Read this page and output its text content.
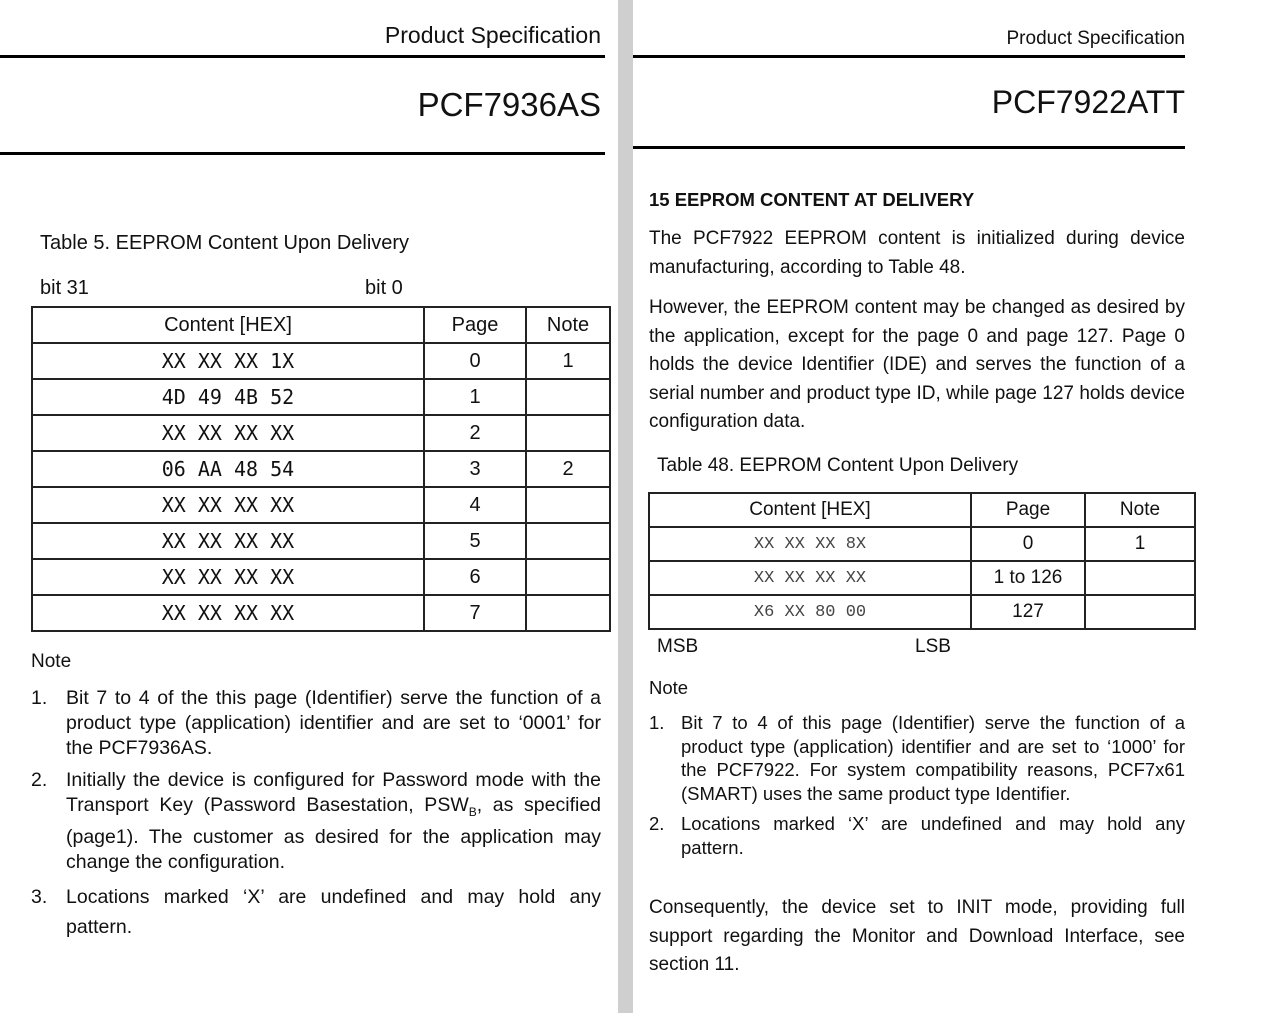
Product Specification
PCF7936AS
Table 5. EEPROM Content Upon Delivery
bit 31	bit 0
Content [HEX]	Page	Note
XX XX XX 1X	0	1
4D 49 4B 52	1	
XX XX XX XX	2	
06 AA 48 54	3	2
XX XX XX XX	4	
XX XX XX XX	5	
XX XX XX XX	6	
XX XX XX XX	7	
Note
1. Bit 7 to 4 of the this page (Identifier) serve the function of a product type (application) identifier and are set to ‘0001’ for the PCF7936AS.
2. Initially the device is configured for Password mode with the Transport Key (Password Basestation, $PSW_B$, as specified (page1). The customer as desired for the application may change the configuration.
3. Locations marked ‘X’ are undefined and may hold any pattern.
Product Specification
PCF7922ATT
15 EEPROM CONTENT AT DELIVERY

The PCF7922 EEPROM content is initialized during device manufacturing, according to Table 48.

However, the EEPROM content may be changed as desired by the application, except for the page 0 and page 127. Page 0 holds the device Identifier (IDE) and serves the function of a serial number and product type ID, while page 127 holds device configuration data.

Table 48. EEPROM Content Upon Delivery
Content [HEX]	Page	Note
XX XX XX 8X	0	1
XX XX XX XX	1 to 126	
X6 XX 80 00	127	
MSB	LSB
Note
1. Bit 7 to 4 of this page (Identifier) serve the function of a product type (application) identifier and are set to ‘1000’ for the PCF7922. For system compatibility reasons, PCF7x61 (SMART) uses the same product type Identifier.
2. Locations marked ‘X’ are undefined and may hold any pattern.

Consequently, the device set to INIT mode, providing full support regarding the Monitor and Download Interface, see section 11.
